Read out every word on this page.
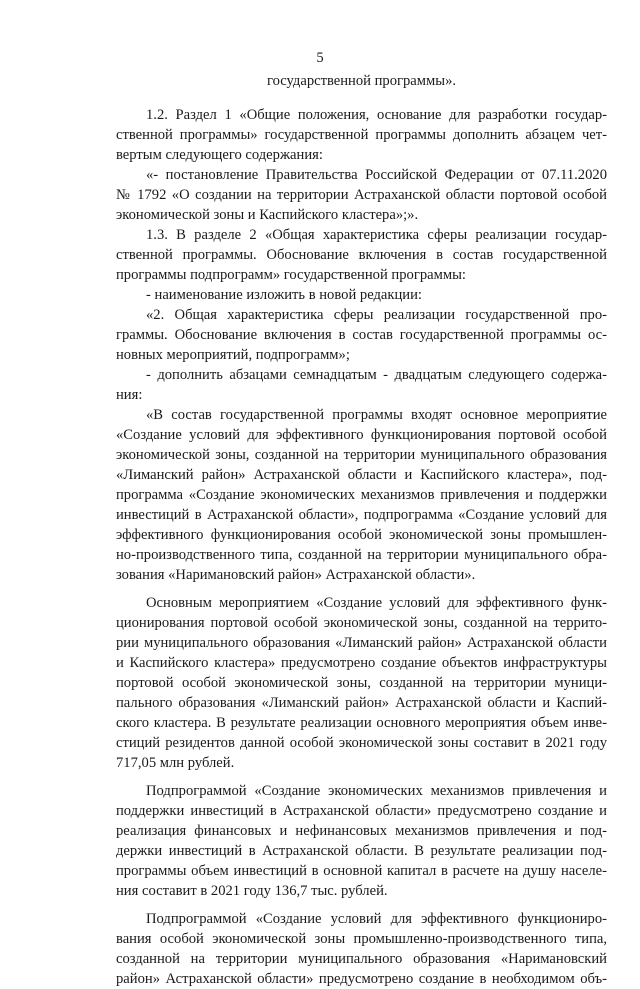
5
государственной программы».
1.2. Раздел 1 «Общие положения, основание для разработки государ-
ственной программы» государственной программы дополнить абзацем чет-
вертым следующего содержания:
«- постановление Правительства Российской Федерации от 07.11.2020
№ 1792 «О создании на территории Астраханской области портовой особой
экономической зоны и Каспийского кластера»;».
1.3. В разделе 2 «Общая характеристика сферы реализации государ-
ственной программы. Обоснование включения в состав государственной
программы подпрограмм» государственной программы:
- наименование изложить в новой редакции:
«2. Общая характеристика сферы реализации государственной про-
граммы. Обоснование включения в состав государственной программы ос-
новных мероприятий, подпрограмм»;
- дополнить абзацами семнадцатым - двадцатым следующего содержа-
ния:
«В состав государственной программы входят основное мероприятие
«Создание условий для эффективного функционирования портовой особой
экономической зоны, созданной на территории муниципального образования
«Лиманский район» Астраханской области и Каспийского кластера», под-
программа «Создание экономических механизмов привлечения и поддержки
инвестиций в Астраханской области», подпрограмма «Создание условий для
эффективного функционирования особой экономической зоны промышлен-
но-производственного типа, созданной на территории муниципального обра-
зования «Наримановский район» Астраханской области».
Основным мероприятием «Создание условий для эффективного функ-
ционирования портовой особой экономической зоны, созданной на террито-
рии муниципального образования «Лиманский район» Астраханской области
и Каспийского кластера» предусмотрено создание объектов инфраструктуры
портовой особой экономической зоны, созданной на территории муници-
пального образования «Лиманский район» Астраханской области и Каспий-
ского кластера. В результате реализации основного мероприятия объем инве-
стиций резидентов данной особой экономической зоны составит в 2021 году
717,05 млн рублей.
Подпрограммой «Создание экономических механизмов привлечения и
поддержки инвестиций в Астраханской области» предусмотрено создание и
реализация финансовых и нефинансовых механизмов привлечения и под-
держки инвестиций в Астраханской области. В результате реализации под-
программы объем инвестиций в основной капитал в расчете на душу населе-
ния составит в 2021 году 136,7 тыс. рублей.
Подпрограммой «Создание условий для эффективного функциониро-
вания особой экономической зоны промышленно-производственного типа,
созданной на территории муниципального образования «Наримановский
район» Астраханской области» предусмотрено создание в необходимом объ-
